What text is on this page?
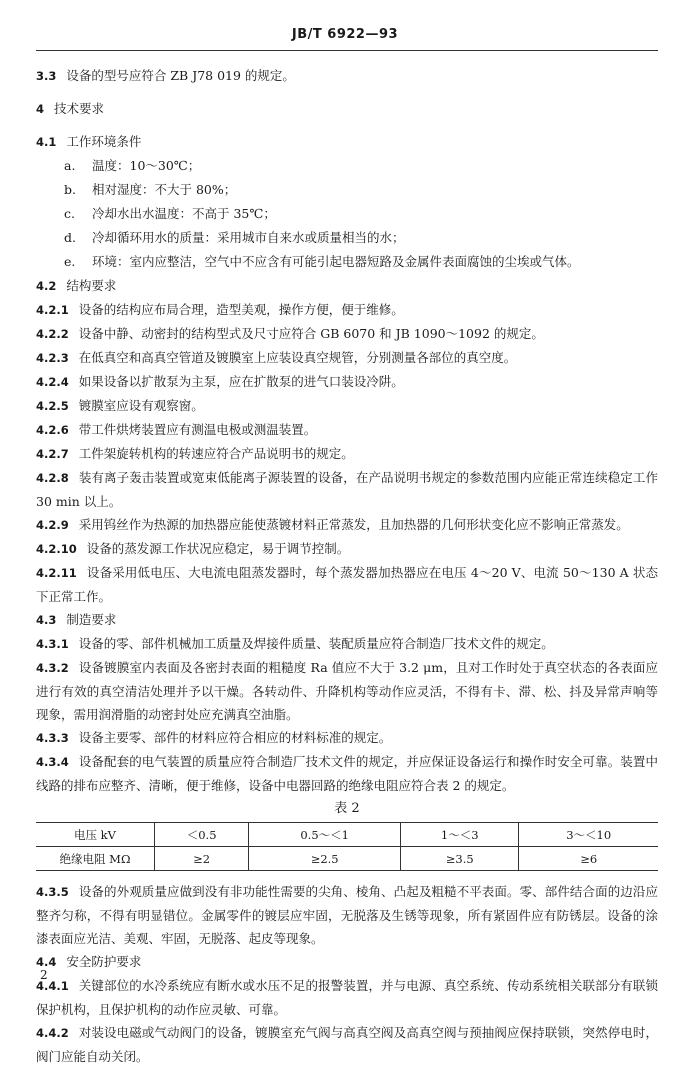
JB/T 6922—93

3.3 设备的型号应符合 ZB J78 019 的规定。

4 技术要求

4.1 工作环境条件

a. 温度：10～30℃；

b. 相对湿度：不大于 80%；

c. 冷却水出水温度：不高于 35℃；

d. 冷却循环用水的质量：采用城市自来水或质量相当的水；

e. 环境：室内应整洁，空气中不应含有可能引起电器短路及金属件表面腐蚀的尘埃或气体。

4.2 结构要求

4.2.1 设备的结构应布局合理，造型美观，操作方便，便于维修。

4.2.2 设备中静、动密封的结构型式及尺寸应符合 GB 6070 和 JB 1090～1092 的规定。

4.2.3 在低真空和高真空管道及镀膜室上应装设真空规管，分别测量各部位的真空度。

4.2.4 如果设备以扩散泵为主泵，应在扩散泵的进气口装设冷阱。

4.2.5 镀膜室应设有观察窗。

4.2.6 带工件烘烤装置应有测温电极或测温装置。

4.2.7 工件架旋转机构的转速应符合产品说明书的规定。

4.2.8 装有离子轰击装置或宽束低能离子源装置的设备，在产品说明书规定的参数范围内应能正常连续稳定工作 30 min 以上。

4.2.9 采用钨丝作为热源的加热器应能使蒸镀材料正常蒸发，且加热器的几何形状变化应不影响正常蒸发。

4.2.10 设备的蒸发源工作状况应稳定，易于调节控制。

4.2.11 设备采用低电压、大电流电阻蒸发器时，每个蒸发器加热器应在电压 4～20 V、电流 50～130 A 状态下正常工作。

4.3 制造要求

4.3.1 设备的零、部件机械加工质量及焊接件质量、装配质量应符合制造厂技术文件的规定。

4.3.2 设备镀膜室内表面及各密封表面的粗糙度 Ra 值应不大于 3.2 μm，且对工作时处于真空状态的各表面应进行有效的真空清洁处理并予以干燥。各转动件、升降机构等动作应灵活，不得有卡、滞、松、抖及异常声响等现象，需用润滑脂的动密封处应充满真空油脂。

4.3.3 设备主要零、部件的材料应符合相应的材料标准的规定。

4.3.4 设备配套的电气装置的质量应符合制造厂技术文件的规定，并应保证设备运行和操作时安全可靠。装置中线路的排布应整齐、清晰，便于维修，设备中电器回路的绝缘电阻应符合表 2 的规定。

表 2
电压 kV	＜0.5	0.5～＜1	1～＜3	3～＜10
绝缘电阻 MΩ	≥2	≥2.5	≥3.5	≥6

4.3.5 设备的外观质量应做到没有非功能性需要的尖角、棱角、凸起及粗糙不平表面。零、部件结合面的边沿应整齐匀称，不得有明显错位。金属零件的镀层应牢固，无脱落及生锈等现象，所有紧固件应有防锈层。设备的涂漆表面应光洁、美观、牢固，无脱落、起皮等现象。

4.4 安全防护要求

4.4.1 关键部位的水冷系统应有断水或水压不足的报警装置，并与电源、真空系统、传动系统相关联部分有联锁保护机构，且保护机构的动作应灵敏、可靠。

4.4.2 对装设电磁或气动阀门的设备，镀膜室充气阀与高真空阀及高真空阀与预抽阀应保持联锁，突然停电时，阀门应能自动关闭。

2
